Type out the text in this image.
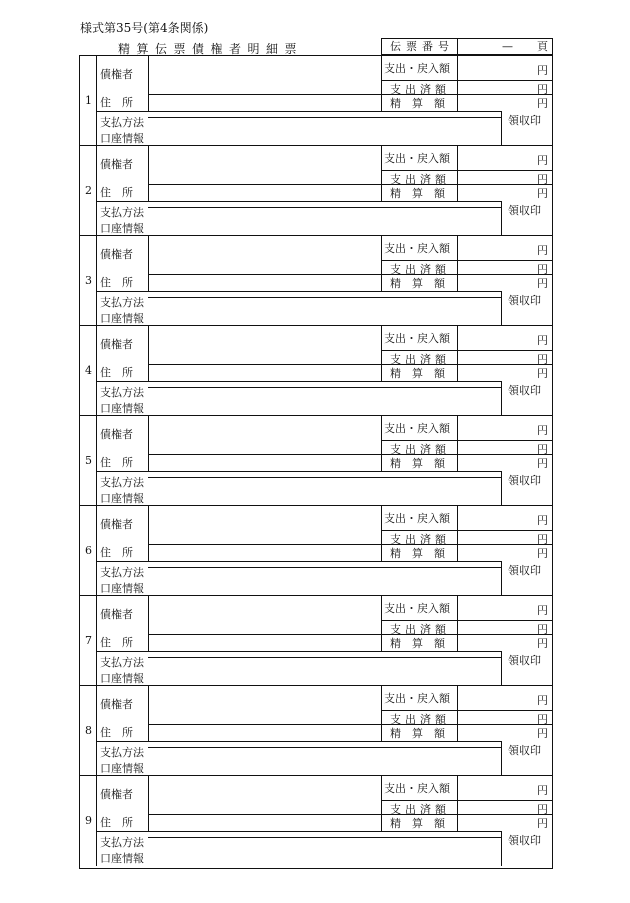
様式第35号(第4条関係)
精算伝票債権者明細票	伝票番号	— 頁
1
債権者
住　所
支払方法
口座情報
支出・戻入額	円
支出済額	円
精算額	円
領収印
2
債権者
住　所
支払方法
口座情報
支出・戻入額	円
支出済額	円
精算額	円
領収印
3
債権者
住　所
支払方法
口座情報
支出・戻入額	円
支出済額	円
精算額	円
領収印
4
債権者
住　所
支払方法
口座情報
支出・戻入額	円
支出済額	円
精算額	円
領収印
5
債権者
住　所
支払方法
口座情報
支出・戻入額	円
支出済額	円
精算額	円
領収印
6
債権者
住　所
支払方法
口座情報
支出・戻入額	円
支出済額	円
精算額	円
領収印
7
債権者
住　所
支払方法
口座情報
支出・戻入額	円
支出済額	円
精算額	円
領収印
8
債権者
住　所
支払方法
口座情報
支出・戻入額	円
支出済額	円
精算額	円
領収印
9
債権者
住　所
支払方法
口座情報
支出・戻入額	円
支出済額	円
精算額	円
領収印
